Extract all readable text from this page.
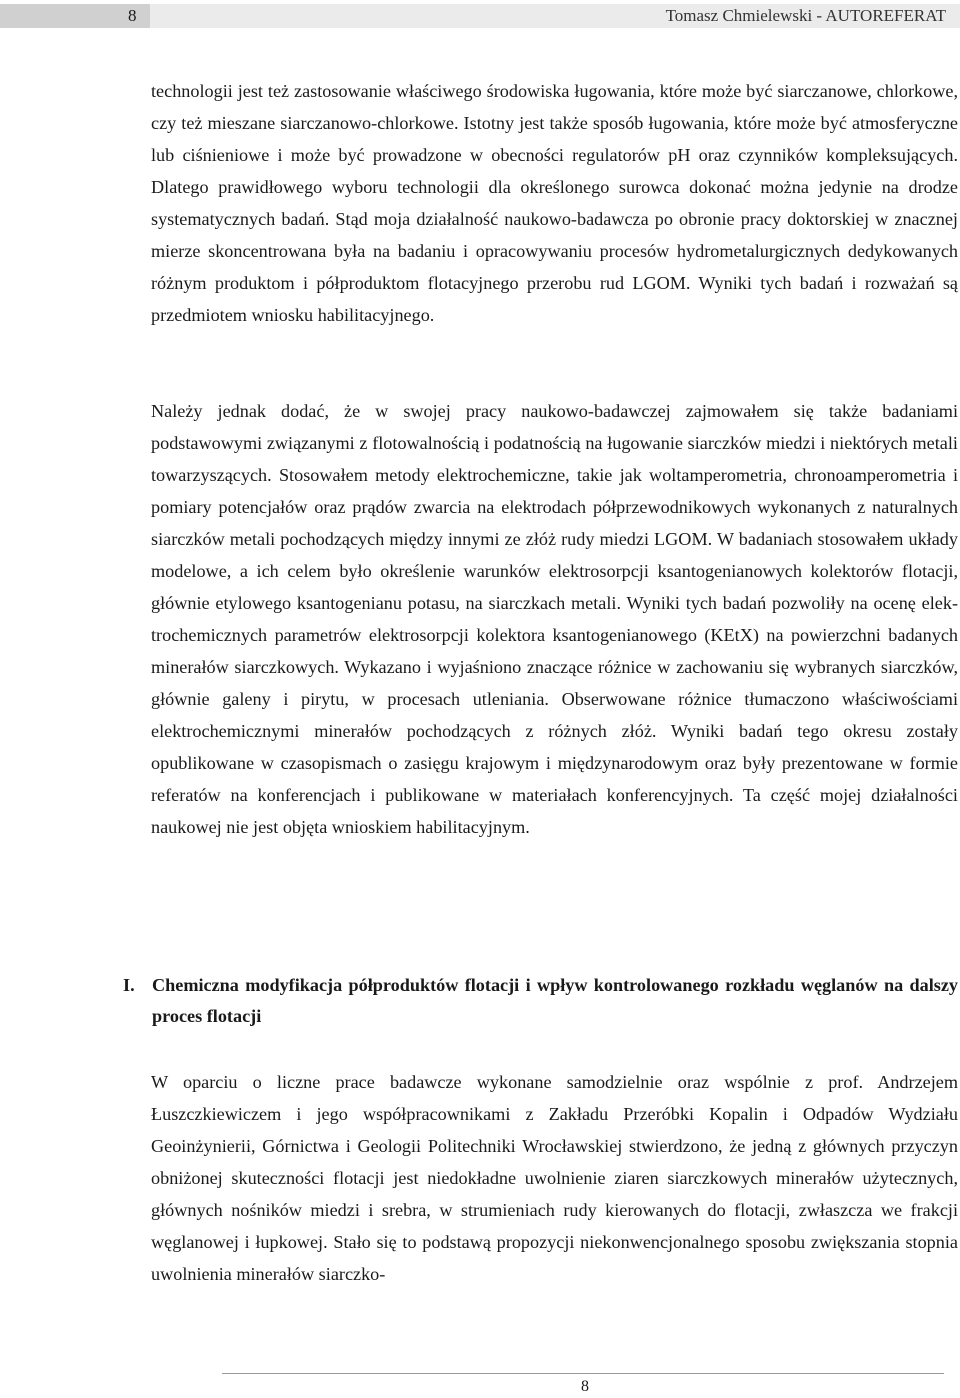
8	Tomasz Chmielewski - AUTOREFERAT

technologii jest też zastosowanie właściwego środowiska ługowania, które może być siarczanowe, chlorkowe, czy też mieszane siarczanowo-chlorkowe. Istotny jest także sposób ługowania, które może być atmosferyczne lub ciśnieniowe i może być prowadzone w obecności regulatorów pH oraz czynników kompleksujących. Dlatego prawidłowego wyboru technologii dla określonego surowca dokonać można jedynie na drodze systematycznych badań. Stąd moja działalność naukowo-badawcza po obronie pracy doktorskiej w znacznej mierze skoncentrowana była na badaniu i opracowywaniu procesów hydrometalurgicznych dedykowanych różnym produktom i półproduktom flotacyjnego przerobu rud LGOM. Wyniki tych badań i rozważań są przedmiotem wniosku habilitacyjnego.

Należy jednak dodać, że w swojej pracy naukowo-badawczej zajmowałem się także badaniami podstawowymi związanymi z flotowalnością i podatnością na ługowanie siarczków miedzi i niektórych metali towarzyszących. Stosowałem metody elektrochemiczne, takie jak woltamperometria, chronoamperometria i pomiary potencjałów oraz prądów zwarcia na elektrodach półprzewodnikowych wykonanych z naturalnych siarczków metali pochodzących między innymi ze złóż rudy miedzi LGOM. W badaniach stosowałem układy modelowe, a ich celem było określenie warunków elektrosorpcji ksantogenianowych kolektorów flotacji, głównie etylowego ksantogenianu potasu, na siarczkach metali. Wyniki tych badań pozwoliły na ocenę elektrochemicznych parametrów elektrosorpcji kolektora ksantogenianowego (KEtX) na powierzchni badanych minerałów siarczkowych. Wykazano i wyjaśniono znaczące różnice w zachowaniu się wybranych siarczków, głównie galeny i pirytu, w procesach utleniania. Obserwowane różnice tłumaczono właściwościami elektrochemicznymi minerałów pochodzących z różnych złóż. Wyniki badań tego okresu zostały opublikowane w czasopismach o zasięgu krajowym i międzynarodowym oraz były prezentowane w formie referatów na konferencjach i publikowane w materiałach konferencyjnych. Ta część mojej działalności naukowej nie jest objęta wnioskiem habilitacyjnym.

I. Chemiczna modyfikacja półproduktów flotacji i wpływ kontrolowanego rozkładu węglanów na dalszy proces flotacji

W oparciu o liczne prace badawcze wykonane samodzielnie oraz wspólnie z prof. Andrzejem Łuszczkiewiczem i jego współpracownikami z Zakładu Przeróbki Kopalin i Odpadów Wydziału Geoinżynierii, Górnictwa i Geologii Politechniki Wrocławskiej stwierdzono, że jedną z głównych przyczyn obniżonej skuteczności flotacji jest niedokładne uwolnienie ziaren siarczkowych minerałów użytecznych, głównych nośników miedzi i srebra, w strumieniach rudy kierowanych do flotacji, zwłaszcza we frakcji węglanowej i łupkowej. Stało się to podstawą propozycji niekonwencjonalnego sposobu zwiększania stopnia uwolnienia minerałów siarczko-

8
